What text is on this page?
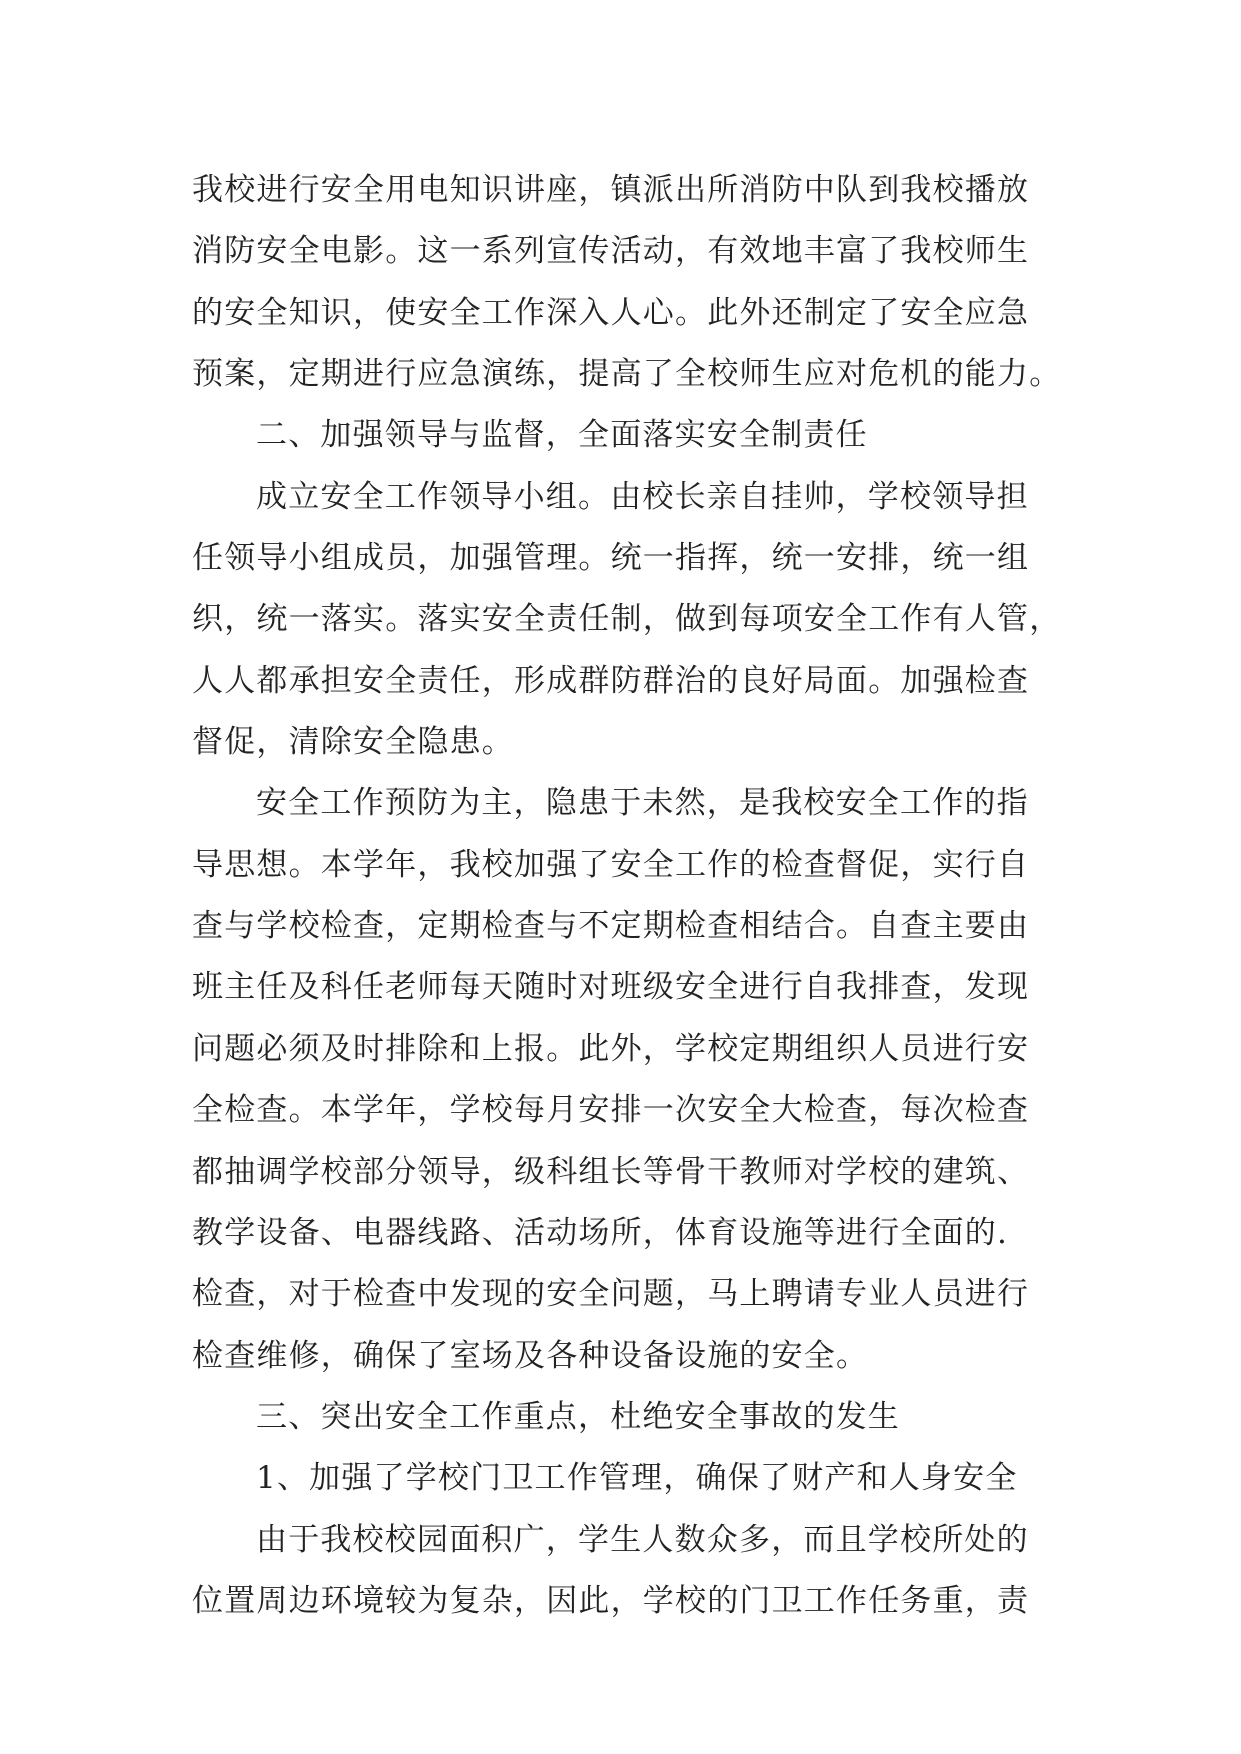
我校进行安全用电知识讲座，镇派出所消防中队到我校播放
消防安全电影。这一系列宣传活动，有效地丰富了我校师生
的安全知识，使安全工作深入人心。此外还制定了安全应急
预案，定期进行应急演练，提高了全校师生应对危机的能力。
二、加强领导与监督，全面落实安全制责任
成立安全工作领导小组。由校长亲自挂帅，学校领导担
任领导小组成员，加强管理。统一指挥，统一安排，统一组
织，统一落实。落实安全责任制，做到每项安全工作有人管，
人人都承担安全责任，形成群防群治的良好局面。加强检查
督促，清除安全隐患。
安全工作预防为主，隐患于未然，是我校安全工作的指
导思想。本学年，我校加强了安全工作的检查督促，实行自
查与学校检查，定期检查与不定期检查相结合。自查主要由
班主任及科任老师每天随时对班级安全进行自我排查，发现
问题必须及时排除和上报。此外，学校定期组织人员进行安
全检查。本学年，学校每月安排一次安全大检查，每次检查
都抽调学校部分领导，级科组长等骨干教师对学校的建筑、
教学设备、电器线路、活动场所，体育设施等进行全面的.
检查，对于检查中发现的安全问题，马上聘请专业人员进行
检查维修，确保了室场及各种设备设施的安全。
三、突出安全工作重点，杜绝安全事故的发生
1、加强了学校门卫工作管理，确保了财产和人身安全
由于我校校园面积广，学生人数众多，而且学校所处的
位置周边环境较为复杂，因此，学校的门卫工作任务重，责
